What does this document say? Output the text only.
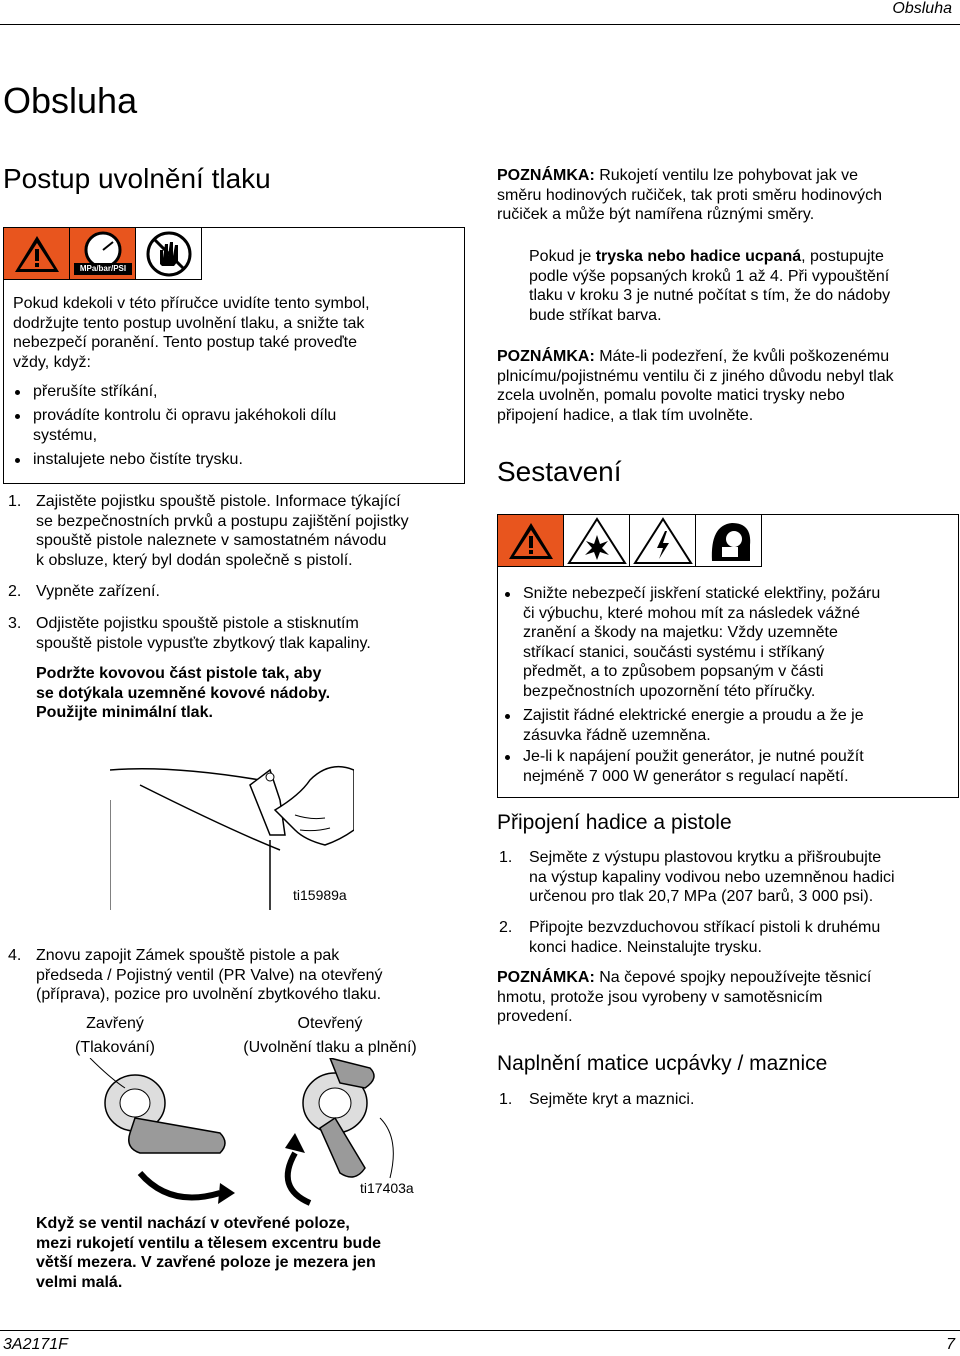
Obsluha
Obsluha
Postup uvolnění tlaku
MPa/bar/PSI
Pokud kdekoli v této příručce uvidíte tento symbol,
dodržujte tento postup uvolnění tlaku, a snižte tak
nebezpečí poranění. Tento postup také proveďte
vždy, když:
přerušíte stříkání,
provádíte kontrolu či opravu jakéhokoli dílu
systému,
instalujete nebo čistíte trysku.
1. Zajistěte pojistku spouště pistole. Informace týkající
se bezpečnostních prvků a postupu zajištění pojistky
spouště pistole naleznete v samostatném návodu
k obsluze, který byl dodán společně s pistolí.
2. Vypněte zařízení.
3. Odjistěte pojistku spouště pistole a stisknutím
spouště pistole vypusťte zbytkový tlak kapaliny.
Podržte kovovou část pistole tak, aby
se dotýkala uzemněné kovové nádoby.
Použijte minimální tlak.
ti15989a
4. Znovu zapojit Zámek spouště pistole a pak
předseda / Pojistný ventil (PR Valve) na otevřený
(příprava), pozice pro uvolnění zbytkového tlaku.
Zavřený
(Tlakování)
Otevřený
(Uvolnění tlaku a plnění)
ti17403a
Když se ventil nachází v otevřené poloze,
mezi rukojetí ventilu a tělesem excentru bude
větší mezera. V zavřené poloze je mezera jen
velmi malá.
POZNÁMKA: Rukojetí ventilu lze pohybovat jak ve
směru hodinových ručiček, tak proti směru hodinových
ručiček a může být namířena různými směry.
Pokud je tryska nebo hadice ucpaná, postupujte
podle výše popsaných kroků 1 až 4. Při vypouštění
tlaku v kroku 3 je nutné počítat s tím, že do nádoby
bude stříkat barva.
POZNÁMKA: Máte-li podezření, že kvůli poškozenému
plnicímu/pojistnému ventilu či z jiného důvodu nebyl tlak
zcela uvolněn, pomalu povolte matici trysky nebo
připojení hadice, a tlak tím uvolněte.
Sestavení
Snižte nebezpečí jiskření statické elektřiny, požáru
či výbuchu, které mohou mít za následek vážné
zranění a škody na majetku: Vždy uzemněte
stříkací stanici, součásti systému i stříkaný
předmět, a to způsobem popsaným v části
bezpečnostních upozornění této příručky.
Zajistit řádné elektrické energie a proudu a že je
zásuvka řádně uzemněna.
Je-li k napájení použit generátor, je nutné použít
nejméně 7 000 W generátor s regulací napětí.
Připojení hadice a pistole
1. Sejměte z výstupu plastovou krytku a přišroubujte
na výstup kapaliny vodivou nebo uzemněnou hadici
určenou pro tlak 20,7 MPa (207 barů, 3 000 psi).
2. Připojte bezvzduchovou stříkací pistoli k druhému
konci hadice. Neinstalujte trysku.
POZNÁMKA: Na čepové spojky nepoužívejte těsnicí
hmotu, protože jsou vyrobeny v samotěsnicím
provedení.
Naplnění matice ucpávky / maznice
1. Sejměte kryt a maznici.
3A2171F	7
